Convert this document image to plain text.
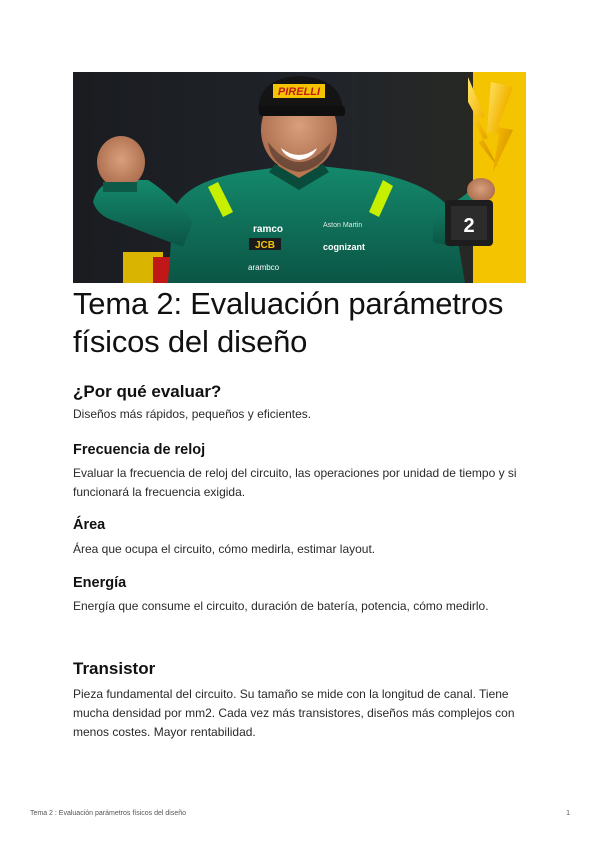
PIRELLI
ramco
JCB	cognizant
arambco
Aston Martin	2
Tema 2: Evaluación parámetros físicos del diseño
¿Por qué evaluar?

Diseños más rápidos, pequeños y eficientes.

Frecuencia de reloj

Evaluar la frecuencia de reloj del circuito, las operaciones por unidad de tiempo y si

funcionará la frecuencia exigida.

Área

Área que ocupa el circuito, cómo medirla, estimar layout.

Energía

Energía que consume el circuito, duración de batería, potencia, cómo medirlo.

Transistor

Pieza fundamental del circuito. Su tamaño se mide con la longitud de canal. Tiene

mucha densidad por mm2. Cada vez más transistores, diseños más complejos con

menos costes. Mayor rentabilidad.

Tema 2 : Evaluación parámetros físicos del diseño	1
